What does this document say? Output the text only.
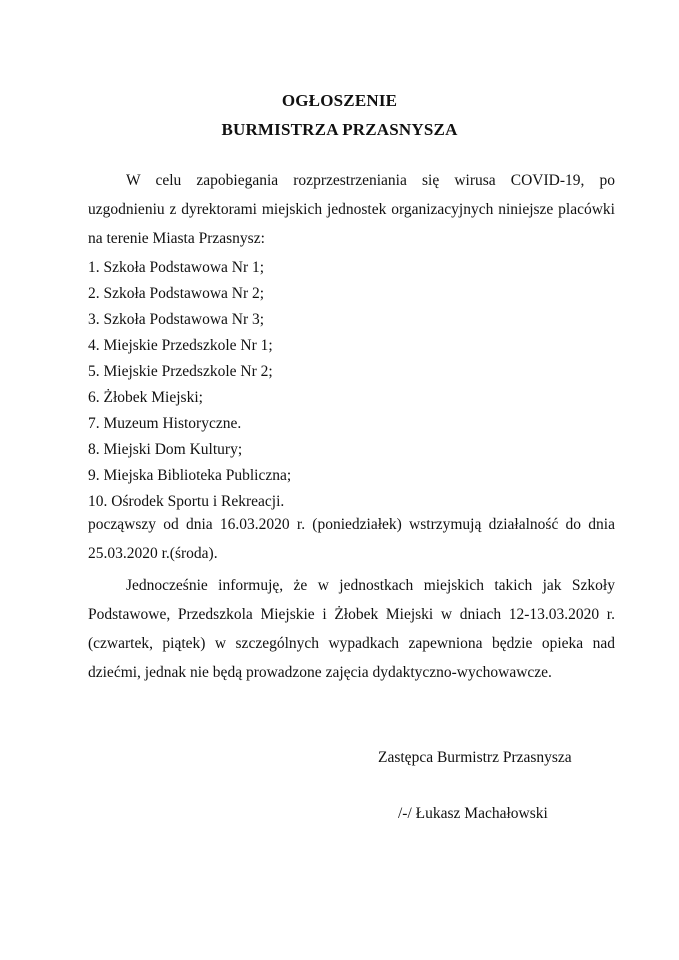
OGŁOSZENIE
BURMISTRZA PRZASNYSZA
W celu zapobiegania rozprzestrzeniania się wirusa COVID-19, po uzgodnieniu z dyrektorami miejskich jednostek organizacyjnych niniejsze placówki na terenie Miasta Przasnysz:
1. Szkoła Podstawowa Nr 1;
2. Szkoła Podstawowa Nr 2;
3. Szkoła Podstawowa Nr 3;
4. Miejskie Przedszkole Nr 1;
5. Miejskie Przedszkole Nr 2;
6. Żłobek Miejski;
7. Muzeum Historyczne.
8. Miejski Dom Kultury;
9. Miejska Biblioteka Publiczna;
10. Ośrodek Sportu i Rekreacji.
począwszy od dnia 16.03.2020 r. (poniedziałek) wstrzymują działalność do dnia 25.03.2020 r.(środa).
Jednocześnie informuję, że w jednostkach miejskich takich jak Szkoły Podstawowe, Przedszkola Miejskie i Żłobek Miejski w dniach 12-13.03.2020 r. (czwartek, piątek) w szczególnych wypadkach zapewniona będzie opieka nad dziećmi, jednak nie będą prowadzone zajęcia dydaktyczno-wychowawcze.
Zastępca Burmistrz Przasnysza
/-/ Łukasz Machałowski
